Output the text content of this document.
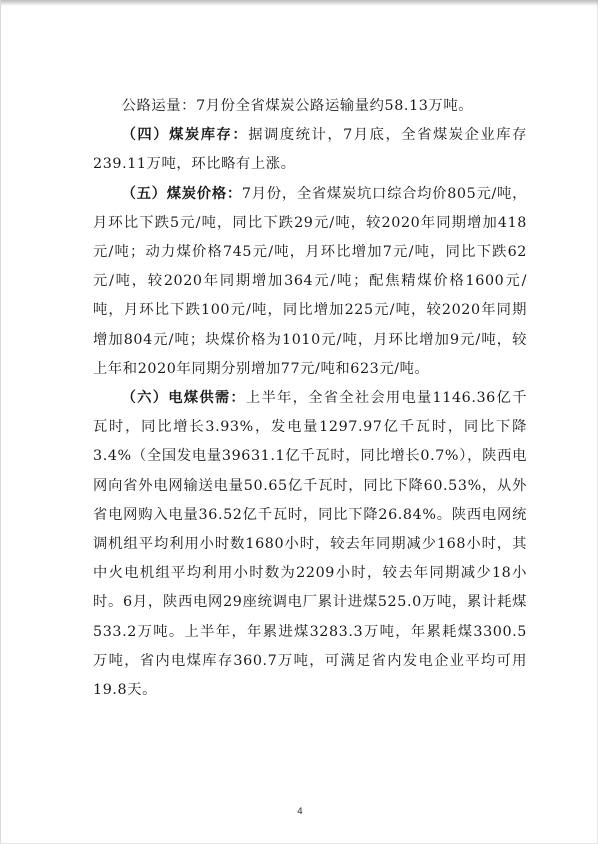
公路运量：7月份全省煤炭公路运输量约58.13万吨。

（四）煤炭库存：据调度统计，7月底，全省煤炭企业库存239.11万吨，环比略有上涨。

（五）煤炭价格：7月份，全省煤炭坑口综合均价805元/吨，月环比下跌5元/吨，同比下跌29元/吨，较2020年同期增加418元/吨；动力煤价格745元/吨，月环比增加7元/吨，同比下跌62元/吨，较2020年同期增加364元/吨；配焦精煤价格1600元/吨，月环比下跌100元/吨，同比增加225元/吨，较2020年同期增加804元/吨；块煤价格为1010元/吨，月环比增加9元/吨，较上年和2020年同期分别增加77元/吨和623元/吨。

（六）电煤供需：上半年，全省全社会用电量1146.36亿千瓦时，同比增长3.93%，发电量1297.97亿千瓦时，同比下降3.4%（全国发电量39631.1亿千瓦时，同比增长0.7%），陕西电网向省外电网输送电量50.65亿千瓦时，同比下降60.53%，从外省电网购入电量36.52亿千瓦时，同比下降26.84%。陕西电网统调机组平均利用小时数1680小时，较去年同期减少168小时，其中火电机组平均利用小时数为2209小时，较去年同期减少18小时。6月，陕西电网29座统调电厂累计进煤525.0万吨，累计耗煤533.2万吨。上半年，年累进煤3283.3万吨，年累耗煤3300.5万吨，省内电煤库存360.7万吨，可满足省内发电企业平均可用19.8天。

4
